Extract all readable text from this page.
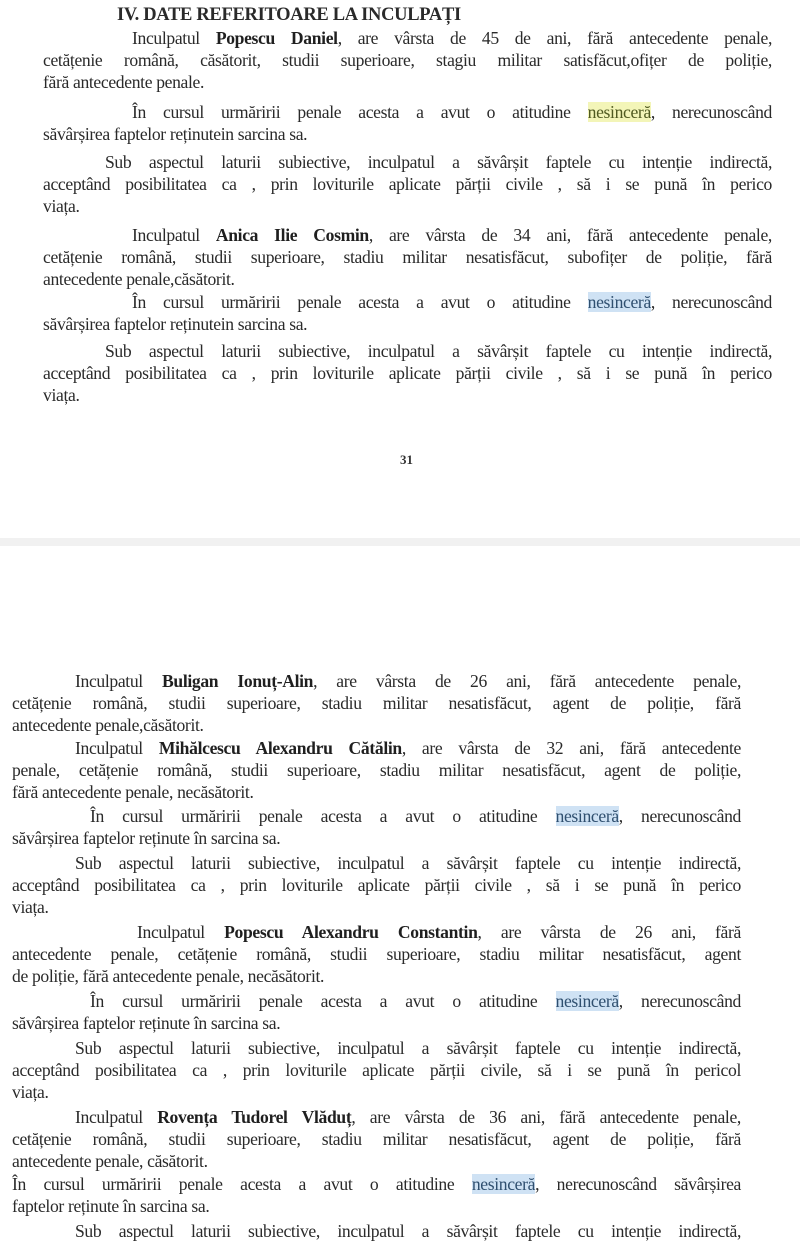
IV. DATE REFERITOARE LA INCULPAȚI
Inculpatul Popescu Daniel, are vârsta de 45 de ani, fără antecedente penale,
cetățenie română, căsătorit, studii superioare, stagiu militar satisfăcut,ofițer de poliție,
fără antecedente penale.
În cursul urmăririi penale acesta a avut o atitudine nesinceră, nerecunoscând
săvârșirea faptelor reținutein sarcina sa.
Sub aspectul laturii subiective, inculpatul a săvârșit faptele cu intenție indirectă,
acceptând posibilitatea ca , prin loviturile aplicate părții civile , să i se pună în perico
viața.
Inculpatul Anica Ilie Cosmin, are vârsta de 34 ani, fără antecedente penale,
cetățenie română, studii superioare, stadiu militar nesatisfăcut, subofițer de poliție, fără
antecedente penale,căsătorit.
În cursul urmăririi penale acesta a avut o atitudine nesinceră, nerecunoscând
săvârșirea faptelor reținutein sarcina sa.
Sub aspectul laturii subiective, inculpatul a săvârșit faptele cu intenție indirectă,
acceptând posibilitatea ca , prin loviturile aplicate părții civile , să i se pună în perico
viața.
31
Inculpatul Buligan Ionuț-Alin, are vârsta de 26 ani, fără antecedente penale,
cetățenie română, studii superioare, stadiu militar nesatisfăcut, agent de poliție, fără
antecedente penale,căsătorit.
Inculpatul Mihălcescu Alexandru Cătălin, are vârsta de 32 ani, fără antecedente
penale, cetățenie română, studii superioare, stadiu militar nesatisfăcut, agent de poliție,
fără antecedente penale, necăsătorit.
În cursul urmăririi penale acesta a avut o atitudine nesinceră, nerecunoscând
săvârșirea faptelor reținute în sarcina sa.
Sub aspectul laturii subiective, inculpatul a săvârșit faptele cu intenție indirectă,
acceptând posibilitatea ca , prin loviturile aplicate părții civile , să i se pună în perico
viața.
Inculpatul Popescu Alexandru Constantin, are vârsta de 26 ani, fără
antecedente penale, cetățenie română, studii superioare, stadiu militar nesatisfăcut, agent
de poliție, fără antecedente penale, necăsătorit.
În cursul urmăririi penale acesta a avut o atitudine nesinceră, nerecunoscând
săvârșirea faptelor reținute în sarcina sa.
Sub aspectul laturii subiective, inculpatul a săvârșit faptele cu intenție indirectă,
acceptând posibilitatea ca , prin loviturile aplicate părții civile, să i se pună în pericol
viața.
Inculpatul Rovența Tudorel Vlăduț, are vârsta de 36 ani, fără antecedente penale,
cetățenie română, studii superioare, stadiu militar nesatisfăcut, agent de poliție, fără
antecedente penale, căsătorit.
În cursul urmăririi penale acesta a avut o atitudine nesinceră, nerecunoscând săvârșirea
faptelor reținute în sarcina sa.
Sub aspectul laturii subiective, inculpatul a săvârșit faptele cu intenție indirectă,
